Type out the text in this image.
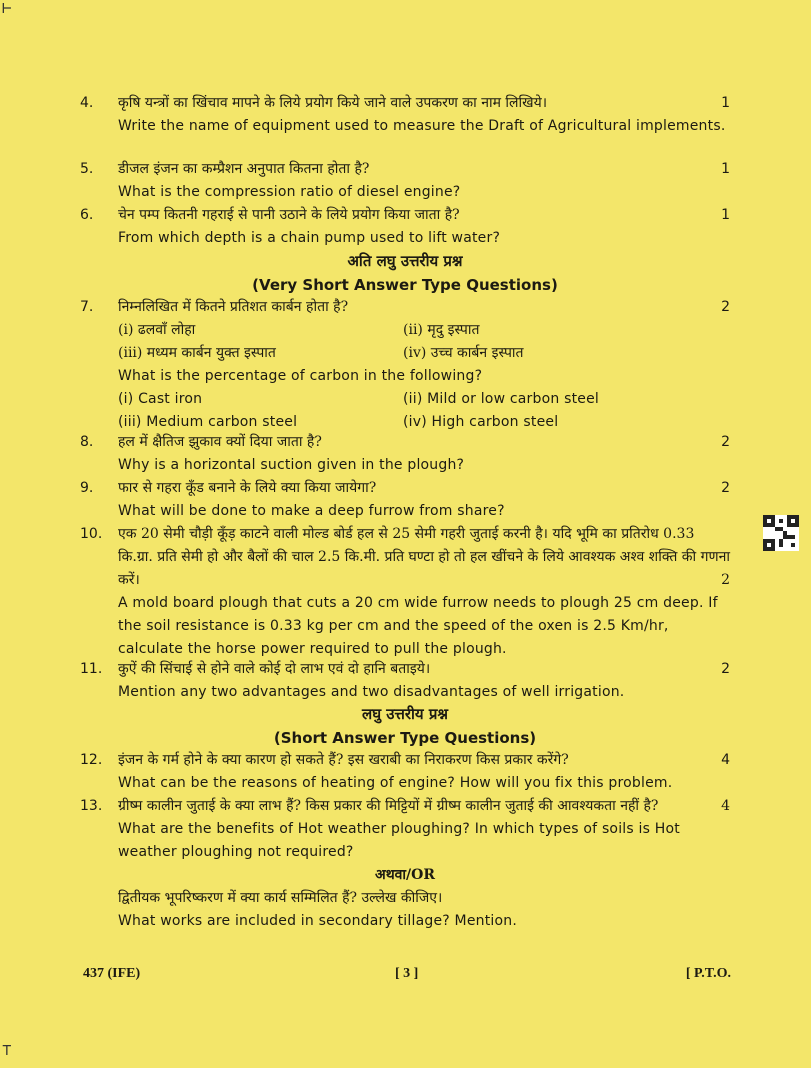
⊢
⊤
4.	1
कृषि यन्त्रों का खिंचाव मापने के लिये प्रयोग किये जाने वाले उपकरण का नाम लिखिये।
Write the name of equipment used to measure the Draft of Agricultural implements.
5.	1
डीजल इंजन का कम्प्रैशन अनुपात कितना होता है?
What is the compression ratio of diesel engine?
6.	1
चेन पम्प कितनी गहराई से पानी उठाने के लिये प्रयोग किया जाता है?
From which depth is a chain pump used to lift water?
अति लघु उत्तरीय प्रश्न
(Very Short Answer Type Questions)
7.	2
निम्नलिखित में कितने प्रतिशत कार्बन होता है?
(i) ढलवाँ लोहा	(ii) मृदु इस्पात
(iii) मध्यम कार्बन युक्त इस्पात	(iv) उच्च कार्बन इस्पात
What is the percentage of carbon in the following?
(i) Cast iron	(ii) Mild or low carbon steel
(iii) Medium carbon steel	(iv) High carbon steel
8.	2
हल में क्षैतिज झुकाव क्यों दिया जाता है?
Why is a horizontal suction given in the plough?
9.	2
फार से गहरा कूँड बनाने के लिये क्या किया जायेगा?
What will be done to make a deep furrow from share?
10.	एक 20 सेमी चौड़ी कूँड़ काटने वाली मोल्ड बोर्ड हल से 25 सेमी गहरी जुताई करनी है। यदि भूमि का प्रतिरोध 0.33 कि.ग्रा. प्रति सेमी हो और बैलों की चाल 2.5 कि.मी. प्रति घण्टा हो तो हल खींचने के लिये आवश्यक अश्व शक्ति की गणना करें।	2
A mold board plough that cuts a 20 cm wide furrow needs to plough 25 cm deep. If the soil resistance is 0.33 kg per cm and the speed of the oxen is 2.5 Km/hr, calculate the horse power required to pull the plough.
11.	2
कुऐं की सिंचाई से होने वाले कोई दो लाभ एवं दो हानि बताइये।
Mention any two advantages and two disadvantages of well irrigation.
लघु उत्तरीय प्रश्न
(Short Answer Type Questions)
12.	4
इंजन के गर्म होने के क्या कारण हो सकते हैं? इस खराबी का निराकरण किस प्रकार करेंगे?
What can be the reasons of heating of engine? How will you fix this problem.
13.	ग्रीष्म कालीन जुताई के क्या लाभ हैं? किस प्रकार की मिट्टियों में ग्रीष्म कालीन जुताई की आवश्यकता नहीं है?	4
What are the benefits of Hot weather ploughing? In which types of soils is Hot weather ploughing not required?
अथवा/OR
द्वितीयक भूपरिष्करण में क्या कार्य सम्मिलित हैं? उल्लेख कीजिए।
What works are included in secondary tillage? Mention.
437 (IFE)	[ 3 ]	[ P.T.O.
